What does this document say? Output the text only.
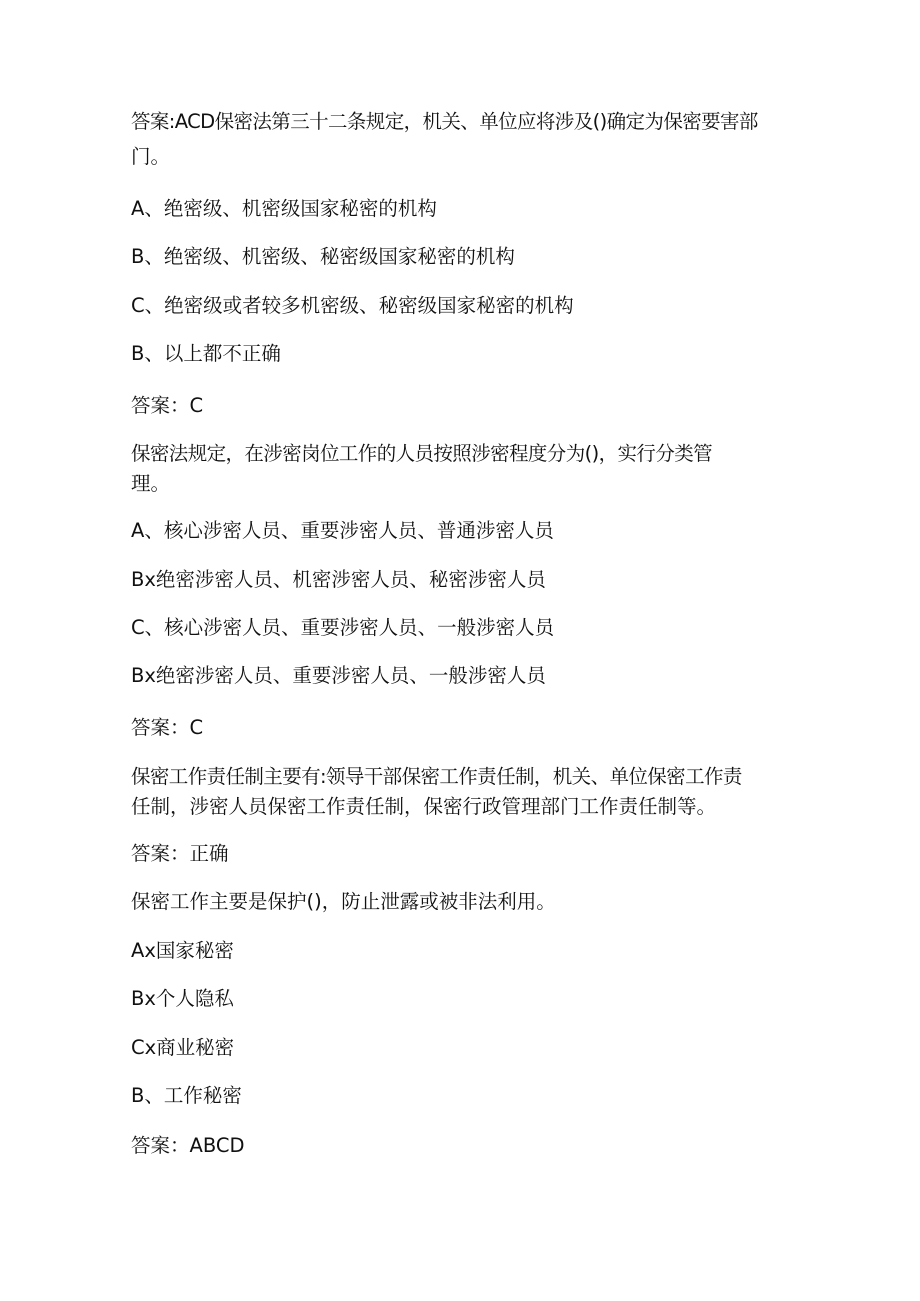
答案:ACD保密法第三十二条规定，机关、单位应将涉及()确定为保密要害部
门。
A、绝密级、机密级国家秘密的机构
B、绝密级、机密级、秘密级国家秘密的机构
C、绝密级或者较多机密级、秘密级国家秘密的机构
B、以上都不正确
答案：C
保密法规定，在涉密岗位工作的人员按照涉密程度分为()，实行分类管
理。
A、核心涉密人员、重要涉密人员、普通涉密人员
Bx绝密涉密人员、机密涉密人员、秘密涉密人员
C、核心涉密人员、重要涉密人员、一般涉密人员
Bx绝密涉密人员、重要涉密人员、一般涉密人员
答案：C
保密工作责任制主要有:领导干部保密工作责任制，机关、单位保密工作责
任制，涉密人员保密工作责任制，保密行政管理部门工作责任制等。
答案：正确
保密工作主要是保护()，防止泄露或被非法利用。
Ax国家秘密
Bx个人隐私
Cx商业秘密
B、工作秘密
答案：ABCD
